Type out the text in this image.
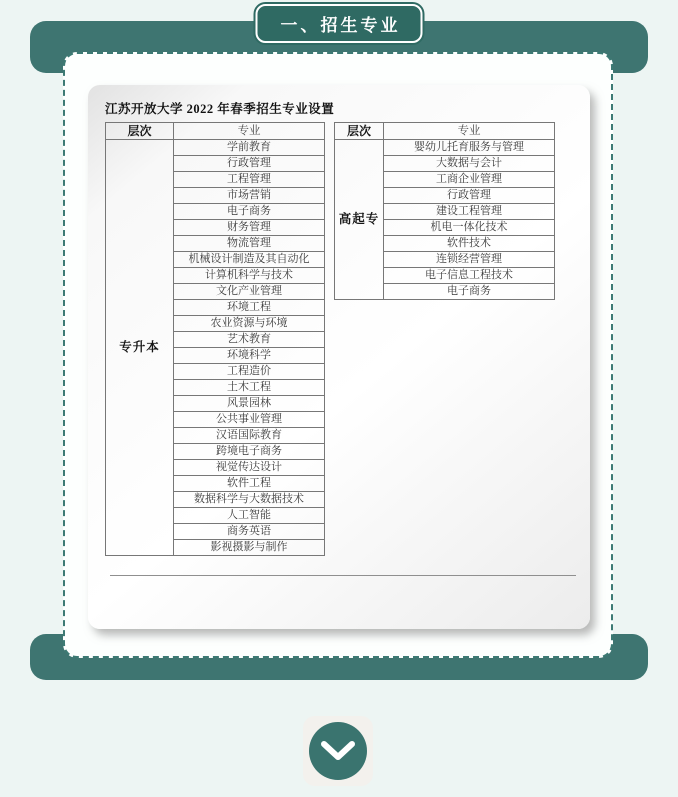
一、招生专业
江苏开放大学 2022 年春季招生专业设置
层次	专业
专升本	学前教育
	行政管理
	工程管理
	市场营销
	电子商务
	财务管理
	物流管理
	机械设计制造及其自动化
	计算机科学与技术
	文化产业管理
	环境工程
	农业资源与环境
	艺术教育
	环境科学
	工程造价
	土木工程
	风景园林
	公共事业管理
	汉语国际教育
	跨境电子商务
	视觉传达设计
	软件工程
	数据科学与大数据技术
	人工智能
	商务英语
	影视摄影与制作
层次	专业
高起专	婴幼儿托育服务与管理
	大数据与会计
	工商企业管理
	行政管理
	建设工程管理
	机电一体化技术
	软件技术
	连锁经营管理
	电子信息工程技术
	电子商务
